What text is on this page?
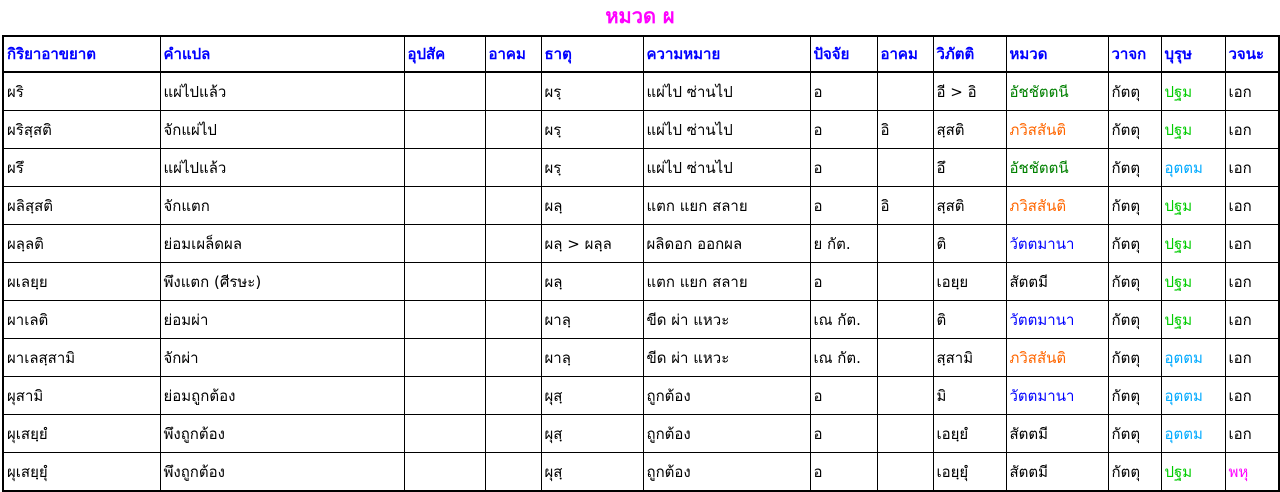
หมวด ผ
กิริยาอาขยาต	คำแปล	อุปสัค	อาคม	ธาตุ	ความหมาย	ปัจจัย	อาคม	วิภัตติ	หมวด	วาจก	บุรุษ	วจนะ
ผริ	แผ่ไปแล้ว			ผรฺ	แผ่ไป ซ่านไป	อ		อี > อิ	อัชชัตตนี	กัตตุ	ปฐม	เอก
ผริสฺสติ	จักแผ่ไป			ผรฺ	แผ่ไป ซ่านไป	อ	อิ	สฺสติ	ภวิสสันติ	กัตตุ	ปฐม	เอก
ผรึ	แผ่ไปแล้ว			ผรฺ	แผ่ไป ซ่านไป	อ		อึ	อัชชัตตนี	กัตตุ	อุตตม	เอก
ผลิสฺสติ	จักแตก			ผลฺ	แตก แยก สลาย	อ	อิ	สฺสติ	ภวิสสันติ	กัตตุ	ปฐม	เอก
ผลฺลติ	ย่อมเผล็ดผล			ผลฺ > ผลฺล	ผลิดอก ออกผล	ย กัต.		ติ	วัตตมานา	กัตตุ	ปฐม	เอก
ผเลยฺย	พึงแตก (ศีรษะ)			ผลฺ	แตก แยก สลาย	อ		เอยฺย	สัตตมี	กัตตุ	ปฐม	เอก
ผาเลติ	ย่อมผ่า			ผาลฺ	ขีด ผ่า แหวะ	เณ กัต.		ติ	วัตตมานา	กัตตุ	ปฐม	เอก
ผาเลสฺสามิ	จักผ่า			ผาลฺ	ขีด ผ่า แหวะ	เณ กัต.		สฺสามิ	ภวิสสันติ	กัตตุ	อุตตม	เอก
ผุสามิ	ย่อมถูกต้อง			ผุสฺ	ถูกต้อง	อ		มิ	วัตตมานา	กัตตุ	อุตตม	เอก
ผุเสยฺยํ	พึงถูกต้อง			ผุสฺ	ถูกต้อง	อ		เอยฺยํ	สัตตมี	กัตตุ	อุตตม	เอก
ผุเสยฺยุํ	พึงถูกต้อง			ผุสฺ	ถูกต้อง	อ		เอยฺยุํ	สัตตมี	กัตตุ	ปฐม	พหุ
